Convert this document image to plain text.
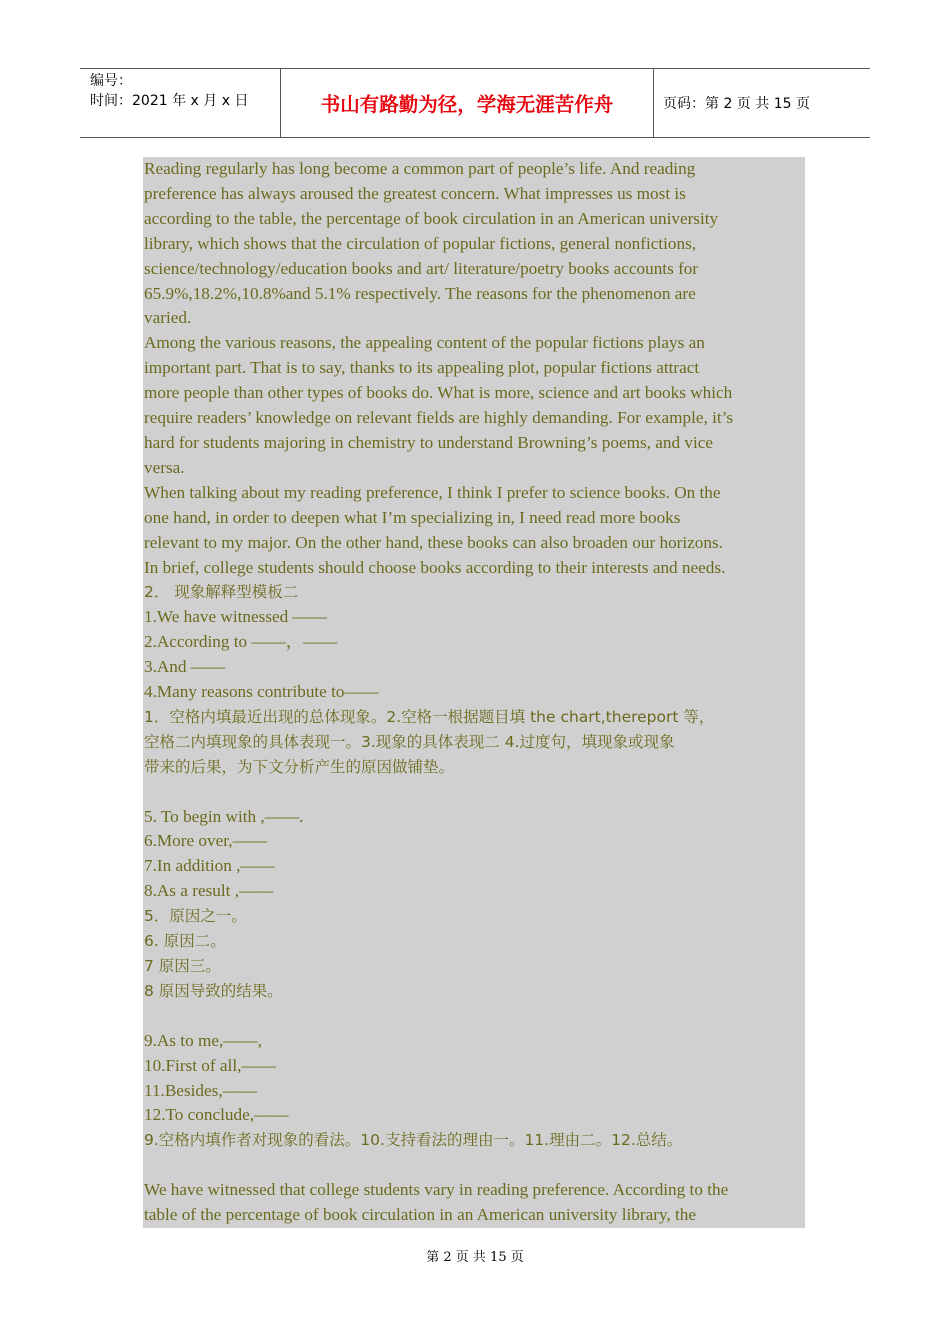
编号：
时间：2021 年 x 月 x 日	书山有路勤为径，学海无涯苦作舟	页码：第 2 页 共 15 页

Reading regularly has long become a common part of people’s life. And reading

preference has always aroused the greatest concern. What impresses us most is

according to the table, the percentage of book circulation in an American university

library, which shows that the circulation of popular fictions, general nonfictions,

science/technology/education books and art/ literature/poetry books accounts for

65.9%,18.2%,10.8%and 5.1% respectively. The reasons for the phenomenon are

varied.

Among the various reasons, the appealing content of the popular fictions plays an

important part. That is to say, thanks to its appealing plot, popular fictions attract

more people than other types of books do. What is more, science and art books which

require readers’ knowledge on relevant fields are highly demanding. For example, it’s

hard for students majoring in chemistry to understand Browning’s poems, and vice

versa.

When talking about my reading preference, I think I prefer to science books. On the

one hand, in order to deepen what I’m specializing in, I need read more books

relevant to my major. On the other hand, these books can also broaden our horizons.

In brief, college students should choose books according to their interests and needs.

2． 现象解释型模板二

1.We have witnessed ——

2.According to ——，——

3.And ——

4.Many reasons contribute to——

1．空格内填最近出现的总体现象。2.空格一根据题目填 the chart,thereport 等，

空格二内填现象的具体表现一。3.现象的具体表现二 4.过度句，填现象或现象

带来的后果，为下文分析产生的原因做铺垫。

5. To begin with ,——.

6.More over,——

7.In addition ,——

8.As a result ,——

5．原因之一。

6. 原因二。

7 原因三。

8 原因导致的结果。

9.As to me,——,

10.First of all,——

11.Besides,——

12.To conclude,——

9.空格内填作者对现象的看法。10.支持看法的理由一。11.理由二。12.总结。

We have witnessed that college students vary in reading preference. According to the

table of the percentage of book circulation in an American university library, the

第 2 页 共 15 页
